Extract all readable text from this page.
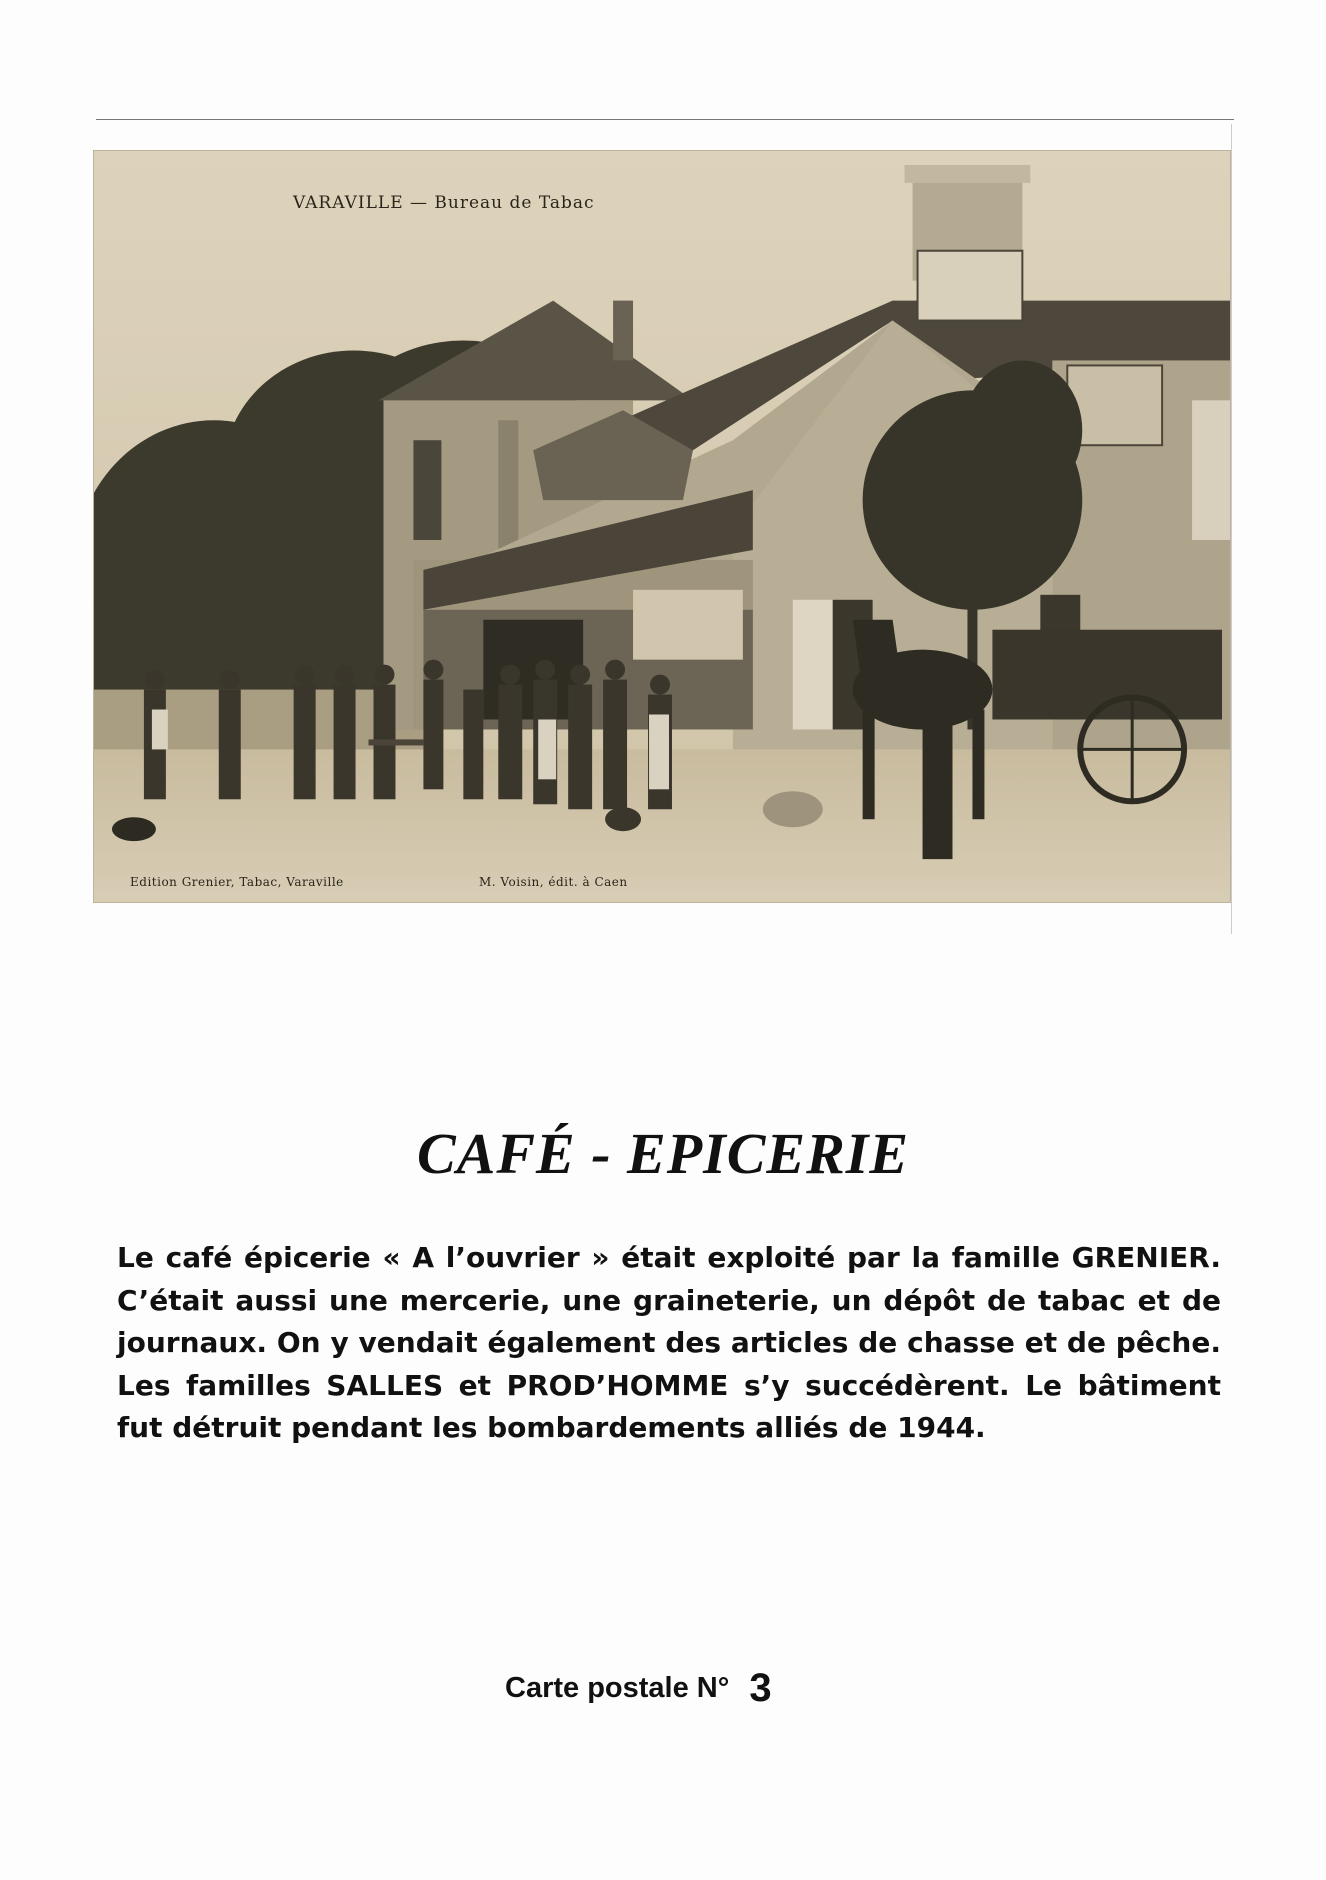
VARAVILLE — Bureau de Tabac
Edition Grenier, Tabac, Varaville	M. Voisin, édit. à Caen
CAFÉ - EPICERIE

Le café épicerie « A l’ouvrier » était exploité par la famille GRENIER. C’était aussi une mercerie, une graineterie, un dépôt de tabac et de journaux. On y vendait également des articles de chasse et de pêche. Les familles SALLES et PROD’HOMME s’y succédèrent. Le bâtiment fut détruit pendant les bombardements alliés de 1944.

Carte postale N° 3
